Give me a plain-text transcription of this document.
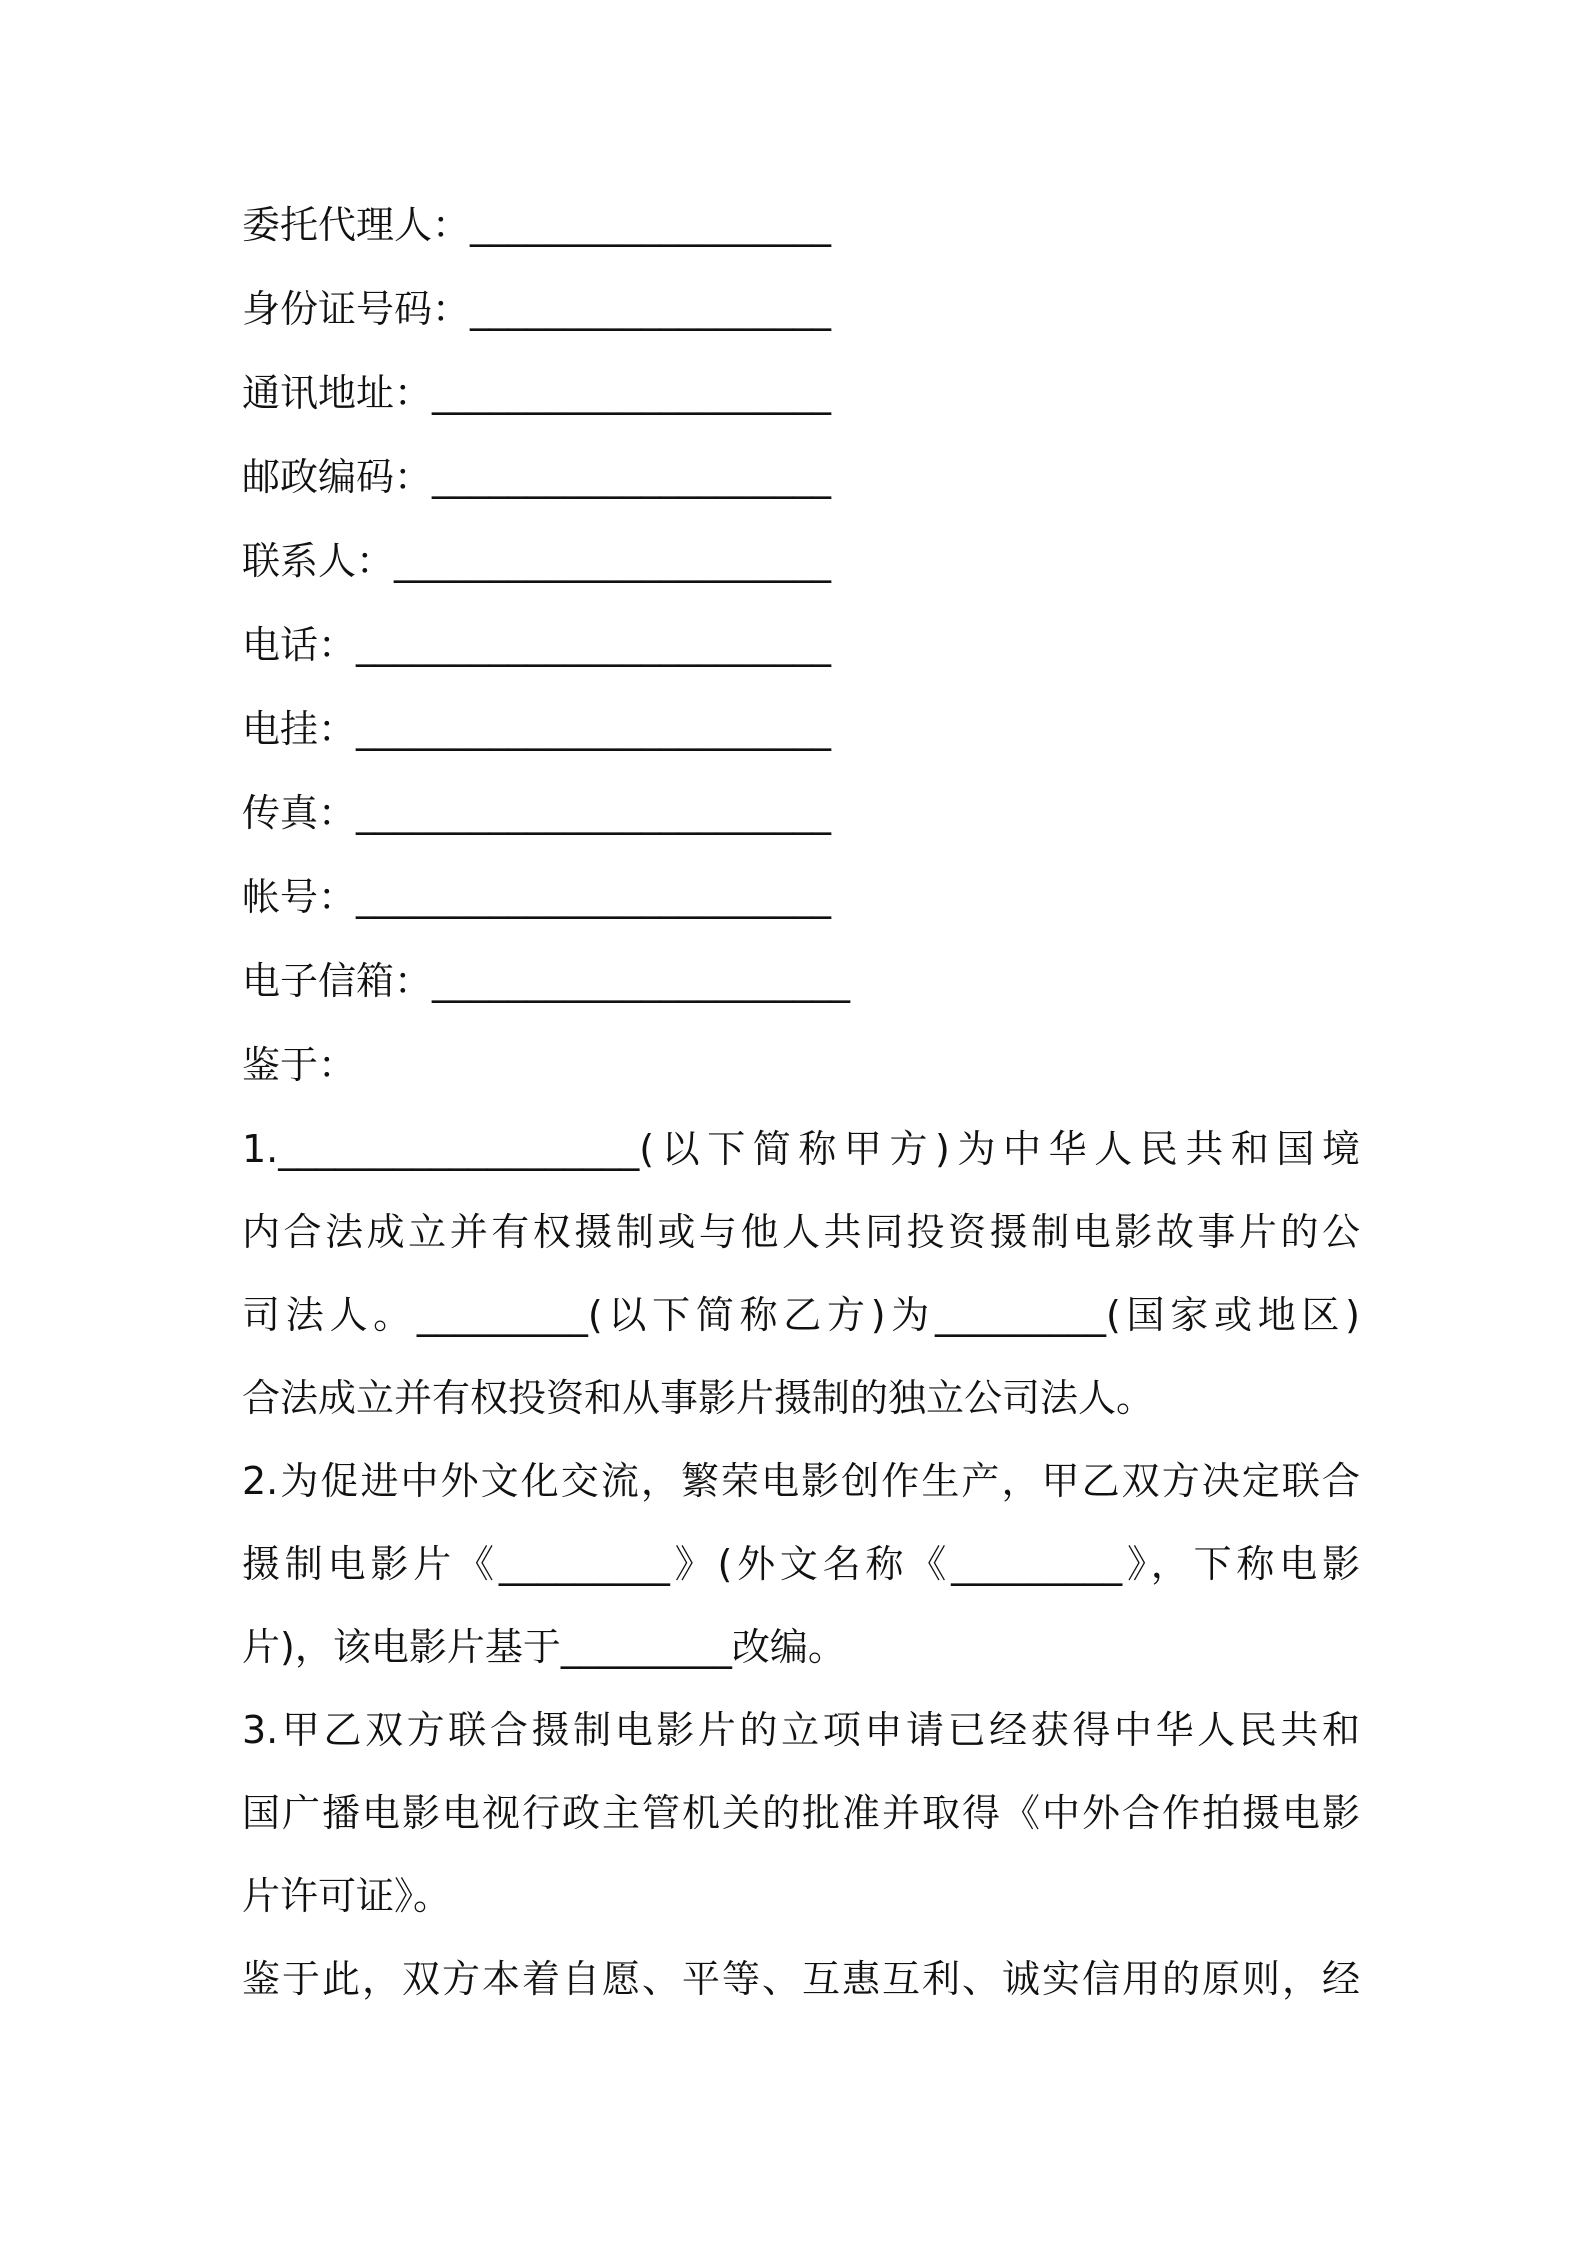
委托代理人：___________________
身份证号码：___________________
通讯地址：_____________________
邮政编码：_____________________
联系人：_______________________
电话：_________________________
电挂：_________________________
传真：_________________________
帐号：_________________________
电子信箱：______________________
鉴于：
1.___________________(以下简称甲方)为中华人民共和国境
内合法成立并有权摄制或与他人共同投资摄制电影故事片的公
司法人。_________(以下简称乙方)为_________(国家或地区)
合法成立并有权投资和从事影片摄制的独立公司法人。
2.为促进中外文化交流，繁荣电影创作生产，甲乙双方决定联合
摄制电影片《_________》(外文名称《_________》，下称电影
片)，该电影片基于_________改编。
3.甲乙双方联合摄制电影片的立项申请已经获得中华人民共和
国广播电影电视行政主管机关的批准并取得《中外合作拍摄电影
片许可证》。
鉴于此，双方本着自愿、平等、互惠互利、诚实信用的原则，经
